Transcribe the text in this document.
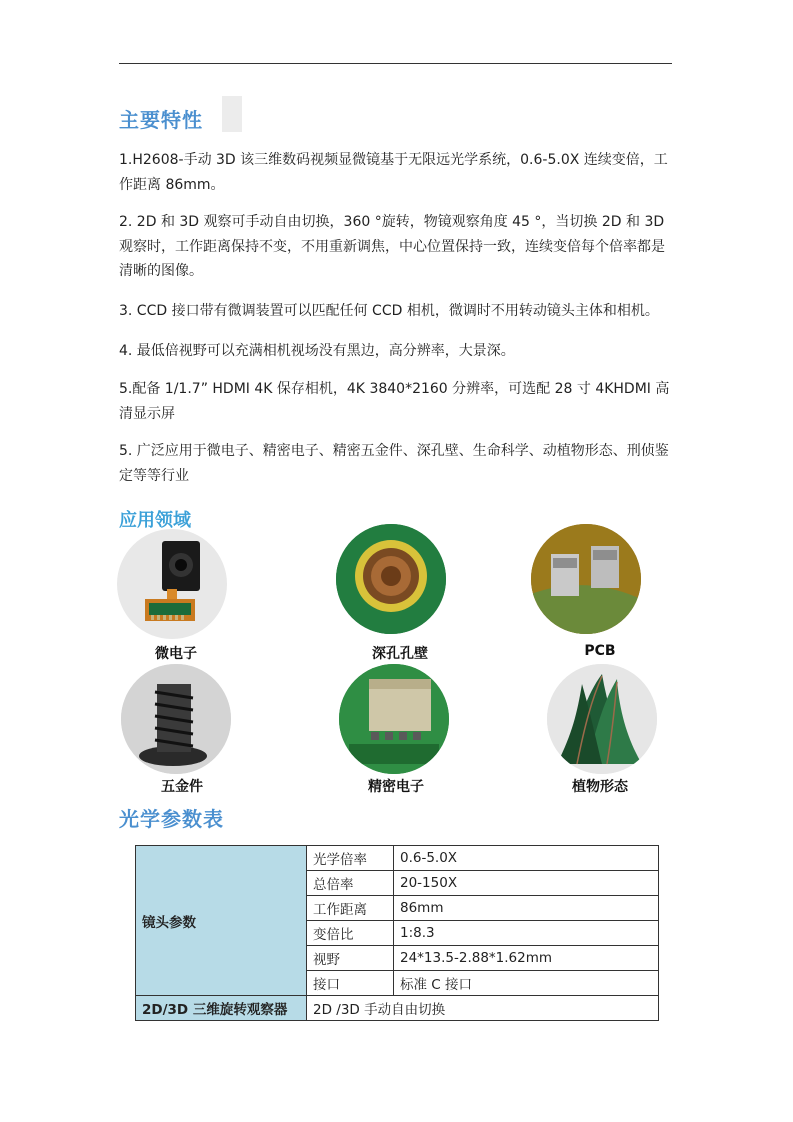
主要特性
1.H2608-手动 3D 该三维数码视频显微镜基于无限远光学系统，0.6-5.0X 连续变倍，工作距离 86mm。
2. 2D 和 3D 观察可手动自由切换，360 °旋转，物镜观察角度 45 °，当切换 2D 和 3D 观察时，工作距离保持不变，不用重新调焦，中心位置保持一致，连续变倍每个倍率都是清晰的图像。
3. CCD 接口带有微调装置可以匹配任何 CCD 相机，微调时不用转动镜头主体和相机。
4. 最低倍视野可以充满相机视场没有黑边，高分辨率，大景深。
5.配备 1/1.7” HDMI 4K 保存相机，4K 3840*2160 分辨率，可选配 28 寸 4KHDMI 高清显示屏
5. 广泛应用于微电子、精密电子、精密五金件、深孔壁、生命科学、动植物形态、刑侦鉴定等等行业
应用领域
微电子	深孔孔壁	PCB
五金件	精密电子	植物形态
光学参数表
镜头参数	光学倍率	0.6-5.0X
	总倍率	20-150X
	工作距离	86mm
	变倍比	1:8.3
	视野	24*13.5-2.88*1.62mm
	接口	标准 C 接口
2D/3D 三维旋转观察器	2D /3D 手动自由切换	
